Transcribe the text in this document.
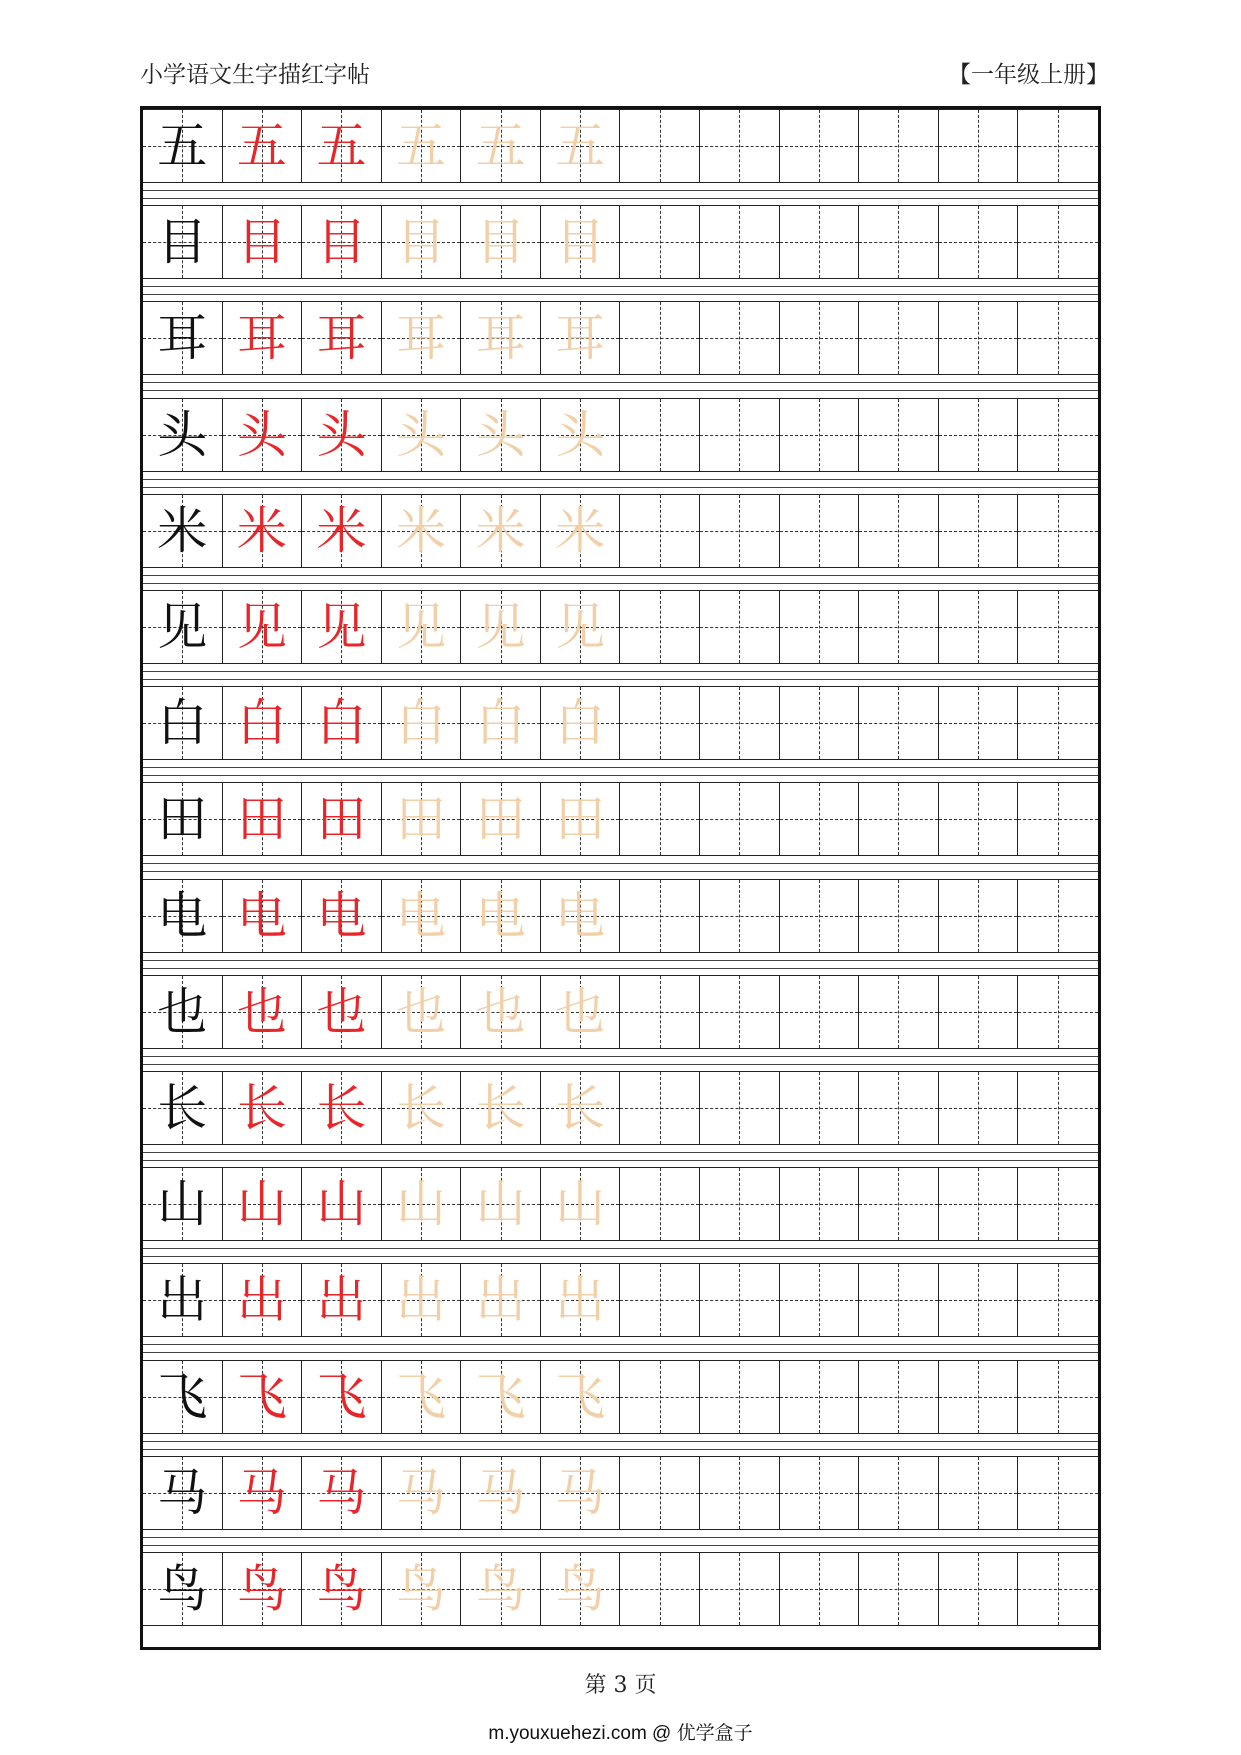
小学语文生字描红字帖	【一年级上册】
五 五 五 五 五 五
目 目 目 目 目 目
耳 耳 耳 耳 耳 耳
头 头 头 头 头 头
米 米 米 米 米 米
见 见 见 见 见 见
白 白 白 白 白 白
田 田 田 田 田 田
电 电 电 电 电 电
也 也 也 也 也 也
长 长 长 长 长 长
山 山 山 山 山 山
出 出 出 出 出 出
飞 飞 飞 飞 飞 飞
马 马 马 马 马 马
鸟 鸟 鸟 鸟 鸟 鸟
第 3 页
m.youxuehezi.com @ 优学盒子
